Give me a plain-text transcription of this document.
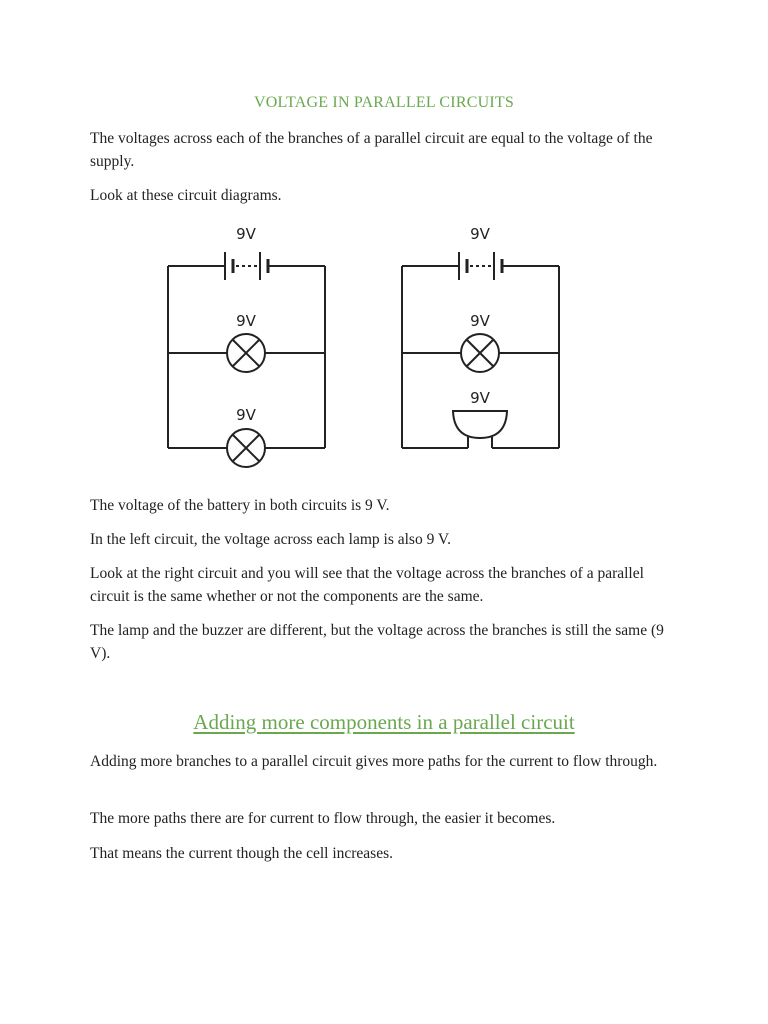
VOLTAGE IN PARALLEL CIRCUITS

The voltages across each of the branches of a parallel circuit are equal to the voltage of the supply.

Look at these circuit diagrams.

9V
9V
9V
9V
9V
9V

The voltage of the battery in both circuits is 9 V.

In the left circuit, the voltage across each lamp is also 9 V.

Look at the right circuit and you will see that the voltage across the branches of a parallel circuit is the same whether or not the components are the same.

The lamp and the buzzer are different, but the voltage across the branches is still the same (9 V).

Adding more components in a parallel circuit

Adding more branches to a parallel circuit gives more paths for the current to flow through.

The more paths there are for current to flow through, the easier it becomes.

That means the current though the cell increases.
